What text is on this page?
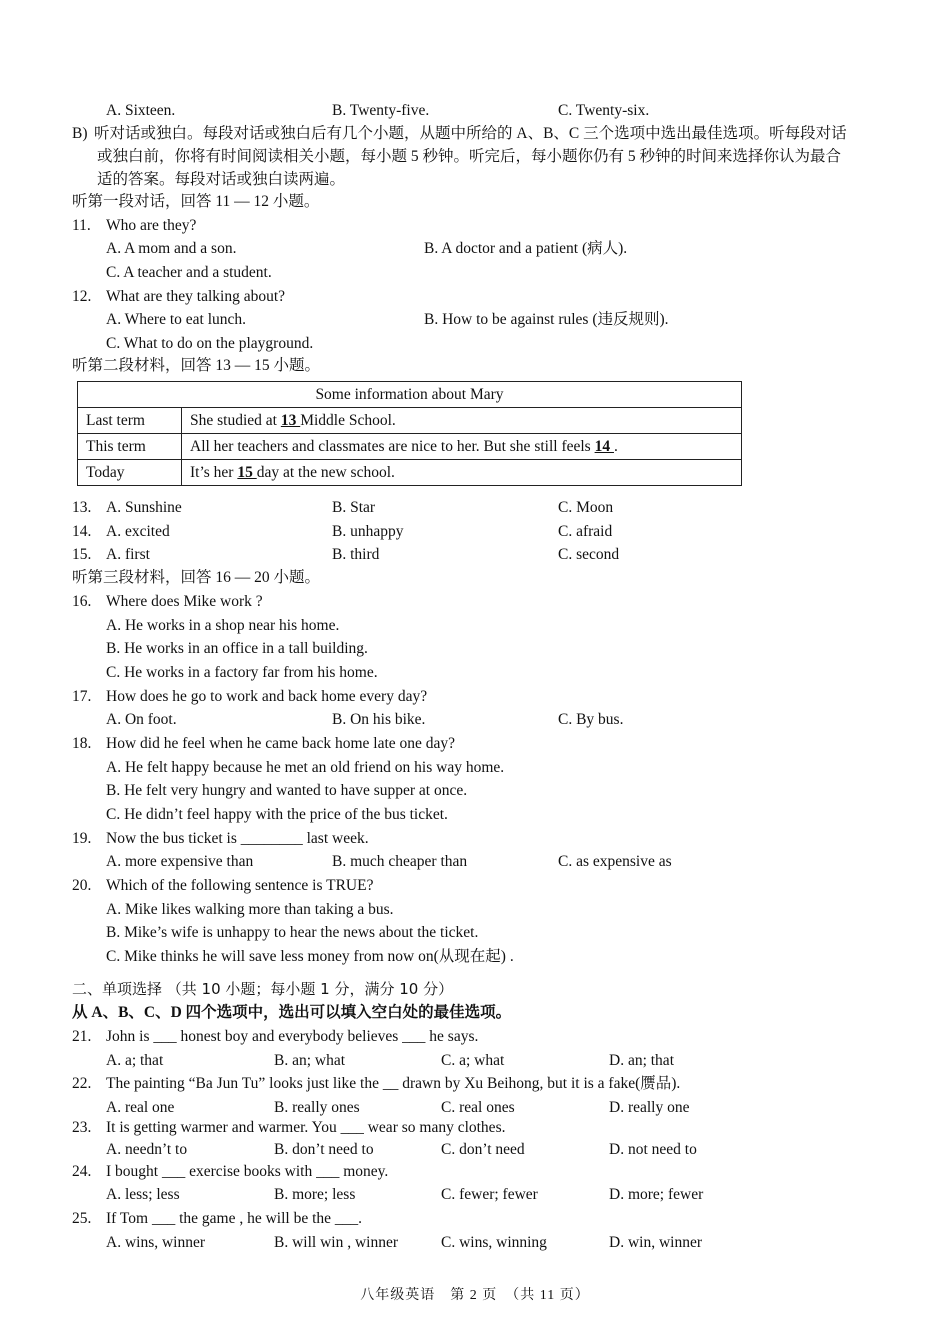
A. Sixteen.	B. Twenty-five.	C. Twenty-six.
B) 听对话或独白。每段对话或独白后有几个小题，从题中所给的 A、B、C 三个选项中选出最佳选项。听每段对话
或独白前，你将有时间阅读相关小题，每小题 5 秒钟。听完后，每小题你仍有 5 秒钟的时间来选择你认为最合
适的答案。每段对话或独白读两遍。
听第一段对话，回答 11 — 12 小题。
11. Who are they?
A. A mom and a son.	B. A doctor and a patient (病人).
C. A teacher and a student.
12. What are they talking about?
A. Where to eat lunch.	B. How to be against rules (违反规则).
C. What to do on the playground.
听第二段材料，回答 13 — 15 小题。
Some information about Mary	
Last term	She studied at 13 Middle School.
This term	All her teachers and classmates are nice to her. But she still feels 14 .
Today	It’s her 15 day at the new school.
13. A. Sunshine	B. Star	C. Moon
14. A. excited	B. unhappy	C. afraid
15. A. first	B. third	C. second
听第三段材料，回答 16 — 20 小题。
16. Where does Mike work ?
A. He works in a shop near his home.
B. He works in an office in a tall building.
C. He works in a factory far from his home.
17. How does he go to work and back home every day?
A. On foot.	B. On his bike.	C. By bus.
18. How did he feel when he came back home late one day?
A. He felt happy because he met an old friend on his way home.
B. He felt very hungry and wanted to have supper at once.
C. He didn’t feel happy with the price of the bus ticket.
19. Now the bus ticket is ________ last week.
A. more expensive than	B. much cheaper than	C. as expensive as
20. Which of the following sentence is TRUE?
A. Mike likes walking more than taking a bus.
B. Mike’s wife is unhappy to hear the news about the ticket.
C. Mike thinks he will save less money from now on(从现在起) .
二、单项选择 （共 10 小题；每小题 1 分，满分 10 分）
从 A、B、C、D 四个选项中，选出可以填入空白处的最佳选项。
21. John is ___ honest boy and everybody believes ___ he says.
A. a; that	B. an; what	C. a; what	D. an; that
22. The painting “Ba Jun Tu” looks just like the __ drawn by Xu Beihong, but it is a fake(赝品).
A. real one	B. really ones	C. real ones	D. really one
23. It is getting warmer and warmer. You ___ wear so many clothes.
A. needn’t to	B. don’t need to	C. don’t need	D. not need to
24. I bought ___ exercise books with ___ money.
A. less; less	B. more; less	C. fewer; fewer	D. more; fewer
25. If Tom ___ the game , he will be the ___.
A. wins, winner	B. will win , winner	C. wins, winning	D. win, winner
八年级英语　第 2 页　（共 11 页）
